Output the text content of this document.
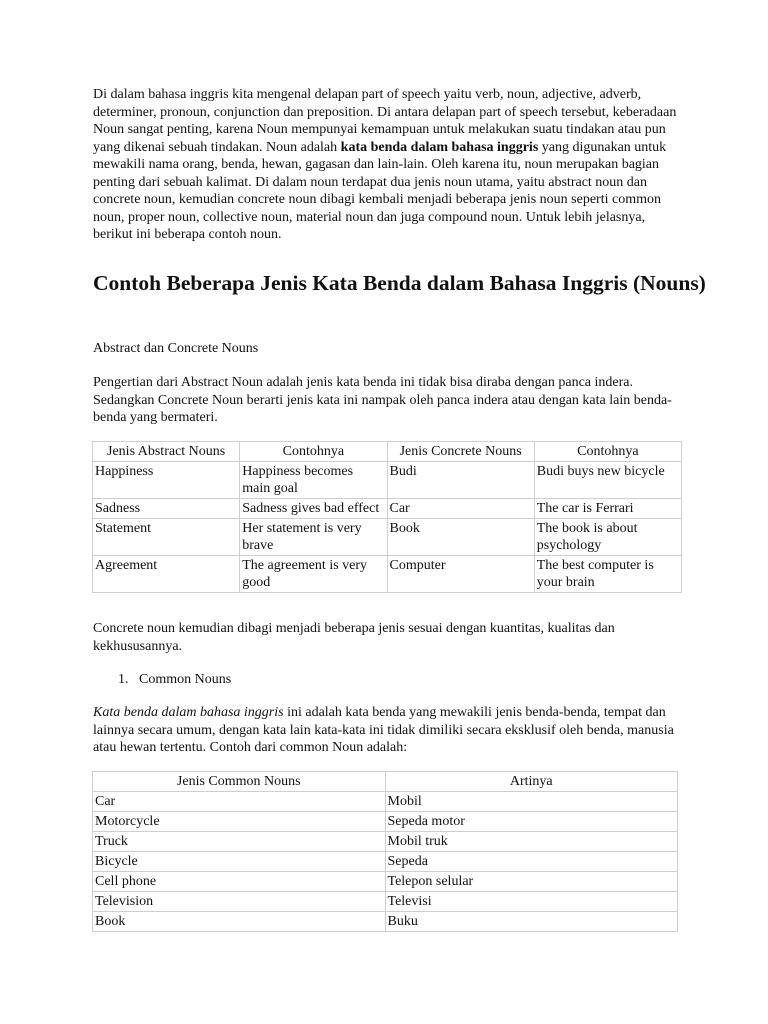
Di dalam bahasa inggris kita mengenal delapan part of speech yaitu verb, noun, adjective, adverb, determiner, pronoun, conjunction dan preposition. Di antara delapan part of speech tersebut, keberadaan Noun sangat penting, karena Noun mempunyai kemampuan untuk melakukan suatu tindakan atau pun yang dikenai sebuah tindakan. Noun adalah kata benda dalam bahasa inggris yang digunakan untuk mewakili nama orang, benda, hewan, gagasan dan lain-lain. Oleh karena itu, noun merupakan bagian penting dari sebuah kalimat. Di dalam noun terdapat dua jenis noun utama, yaitu abstract noun dan concrete noun, kemudian concrete noun dibagi kembali menjadi beberapa jenis noun seperti common noun, proper noun, collective noun, material noun dan juga compound noun. Untuk lebih jelasnya, berikut ini beberapa contoh noun.

Contoh Beberapa Jenis Kata Benda dalam Bahasa Inggris (Nouns)

Abstract dan Concrete Nouns

Pengertian dari Abstract Noun adalah jenis kata benda ini tidak bisa diraba dengan panca indera. Sedangkan Concrete Noun berarti jenis kata ini nampak oleh panca indera atau dengan kata lain benda-benda yang bermateri.

Jenis Abstract Nouns	Contohnya	Jenis Concrete Nouns	Contohnya
Happiness	Happiness becomes main goal	Budi	Budi buys new bicycle
Sadness	Sadness gives bad effect	Car	The car is Ferrari
Statement	Her statement is very brave	Book	The book is about psychology
Agreement	The agreement is very good	Computer	The best computer is your brain

Concrete noun kemudian dibagi menjadi beberapa jenis sesuai dengan kuantitas, kualitas dan kekhususannya.

1. Common Nouns

Kata benda dalam bahasa inggris ini adalah kata benda yang mewakili jenis benda-benda, tempat dan lainnya secara umum, dengan kata lain kata-kata ini tidak dimiliki secara eksklusif oleh benda, manusia atau hewan tertentu. Contoh dari common Noun adalah:

Jenis Common Nouns	Artinya
Car	Mobil
Motorcycle	Sepeda motor
Truck	Mobil truk
Bicycle	Sepeda
Cell phone	Telepon selular
Television	Televisi
Book	Buku
